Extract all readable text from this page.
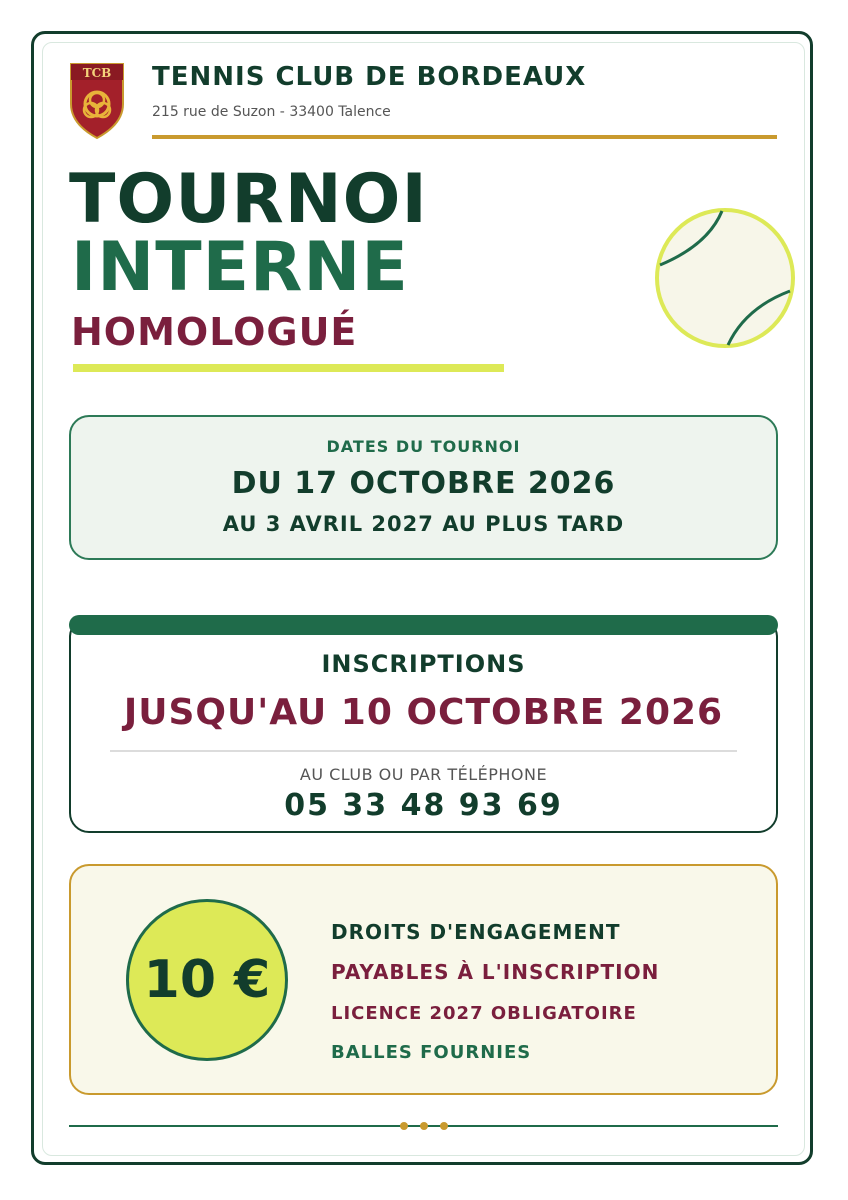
TCB TENNIS CLUB DE BORDEAUX
215 rue de Suzon - 33400 Talence
TOURNOI
INTERNE
HOMOLOGUÉ
DATES DU TOURNOI
DU 17 OCTOBRE 2026
AU 3 AVRIL 2027 AU PLUS TARD
INSCRIPTIONS
JUSQU'AU 10 OCTOBRE 2026
AU CLUB OU PAR TÉLÉPHONE
05 33 48 93 69
10 €
DROITS D'ENGAGEMENT
PAYABLES À L'INSCRIPTION
LICENCE 2027 OBLIGATOIRE
BALLES FOURNIES
